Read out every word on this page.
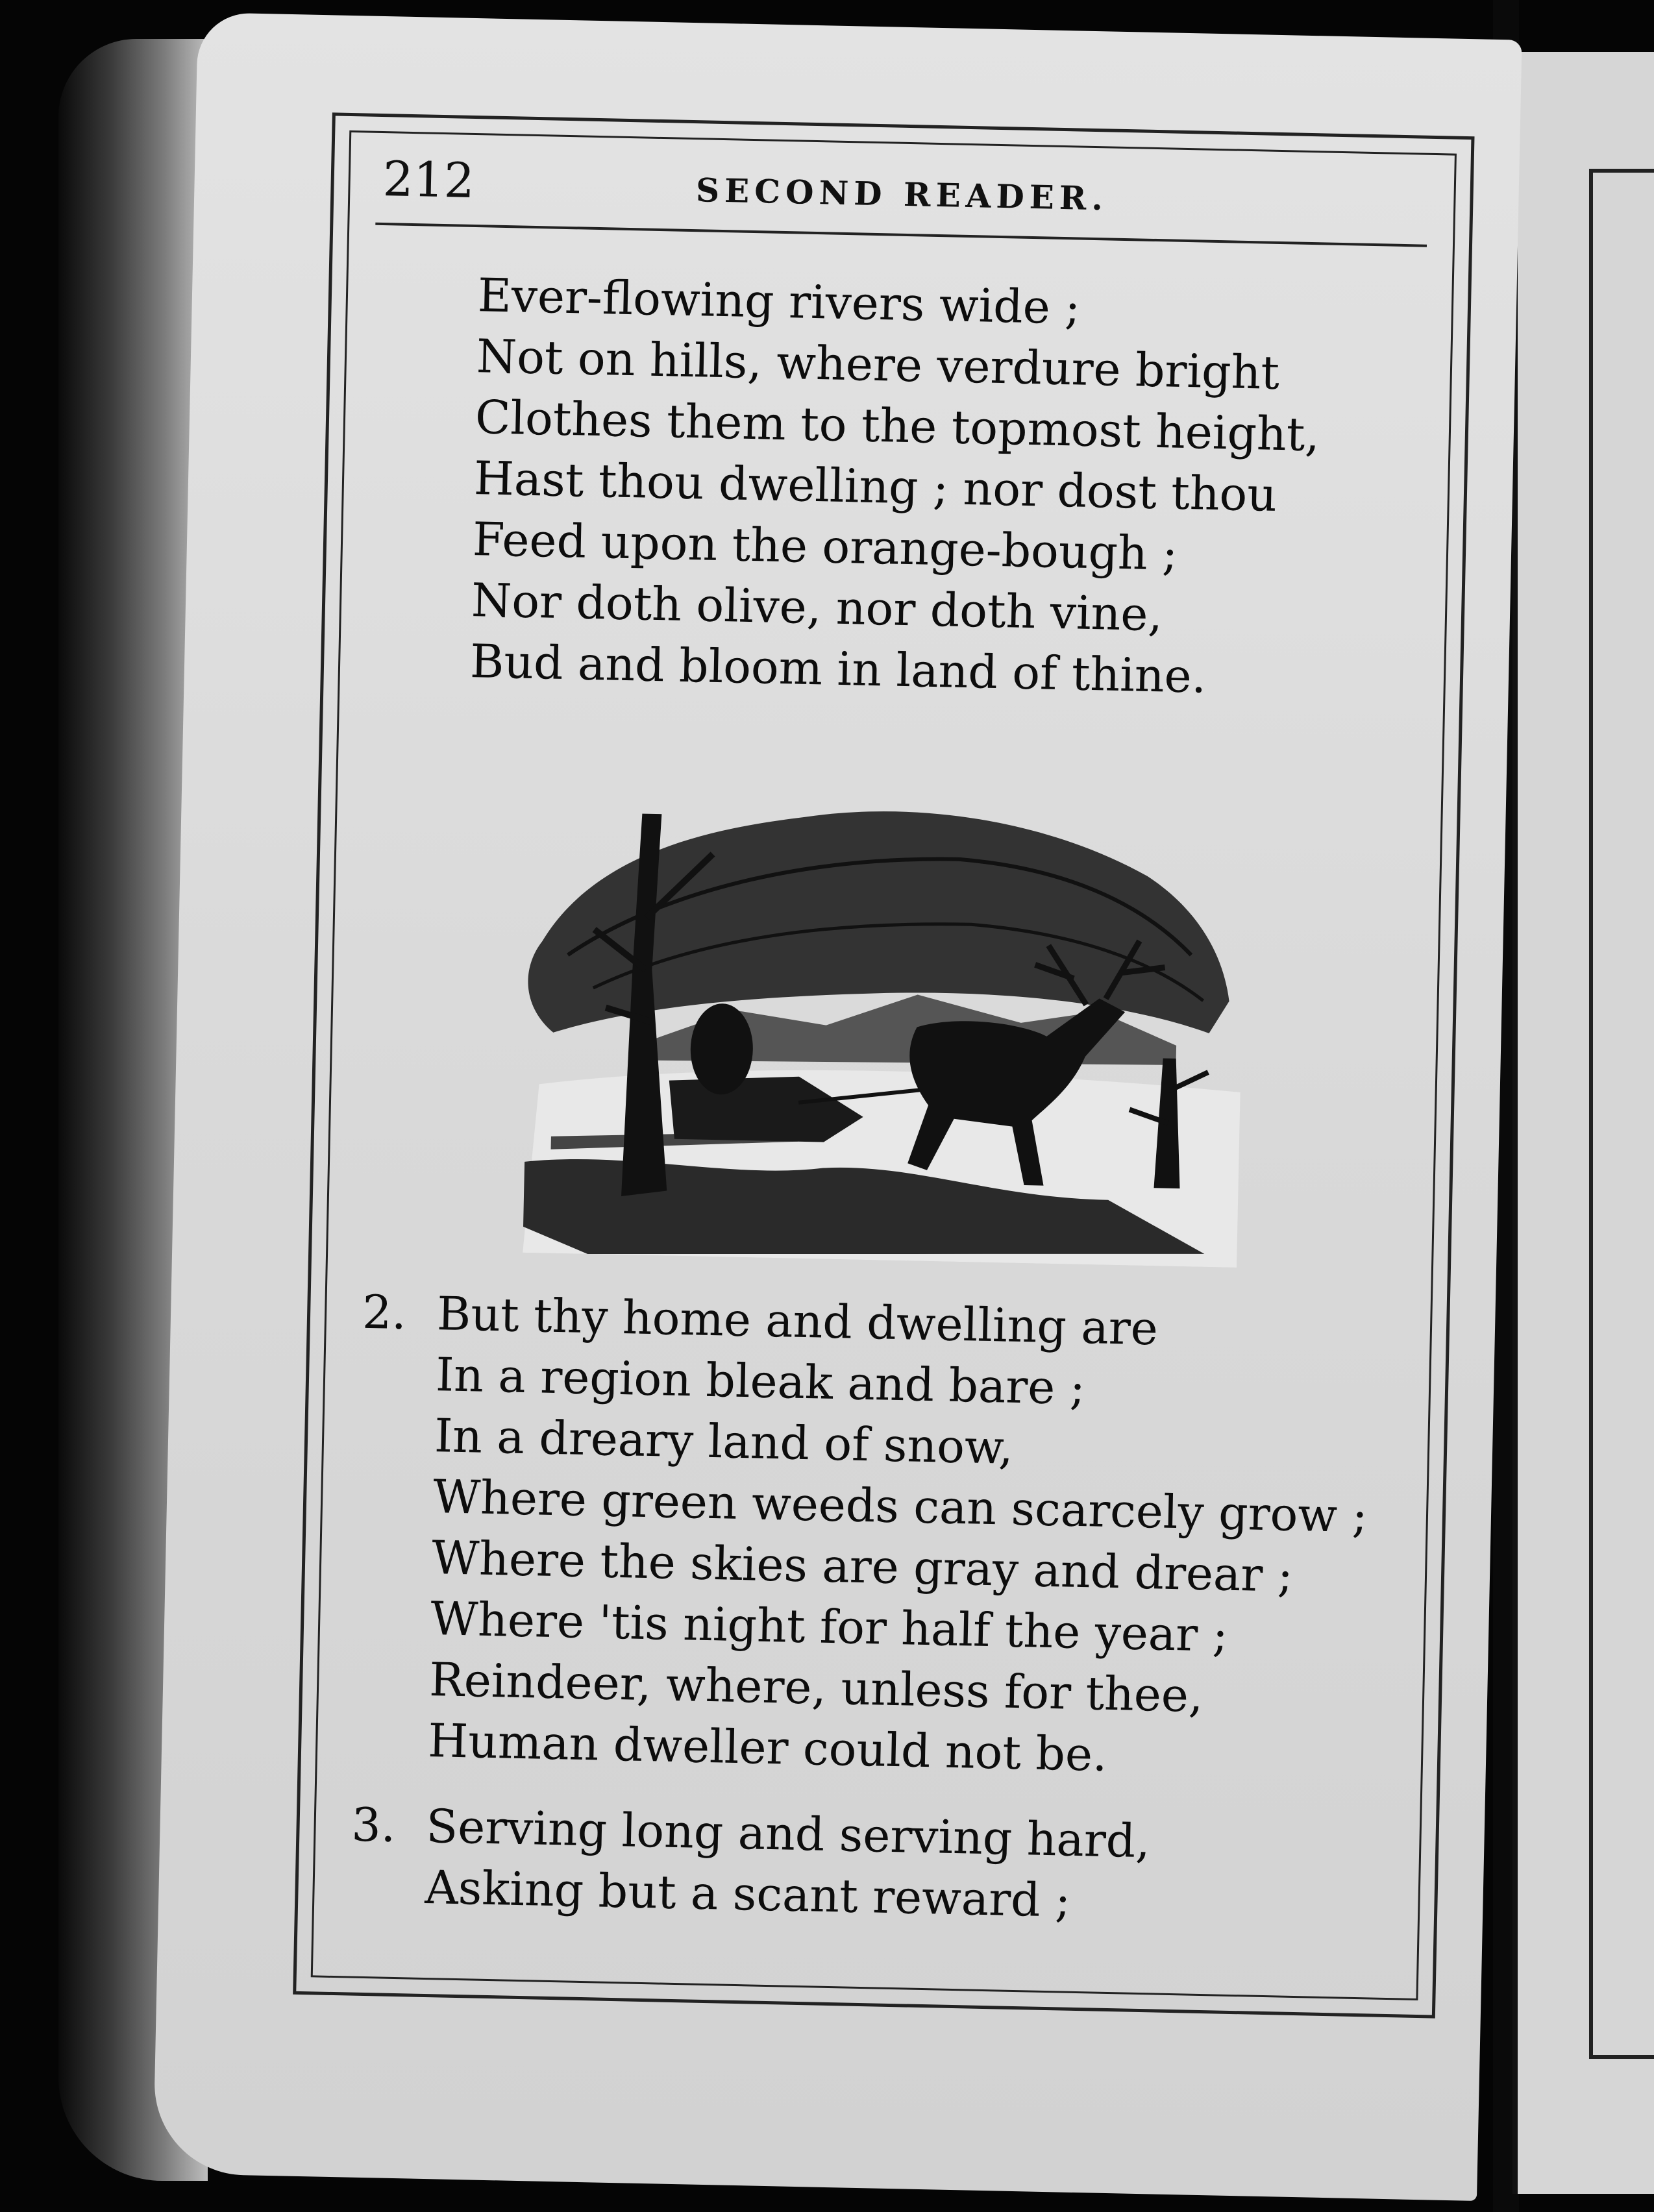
212	SECOND READER.
Ever-flowing rivers wide ;
Not on hills, where verdure bright
Clothes them to the topmost height,
Hast thou dwelling ; nor dost thou
Feed upon the orange-bough ;
Nor doth olive, nor doth vine,
Bud and bloom in land of thine.
2. But thy home and dwelling are
In a region bleak and bare ;
In a dreary land of snow,
Where green weeds can scarcely grow ;
Where the skies are gray and drear ;
Where 'tis night for half the year ;
Reindeer, where, unless for thee,
Human dweller could not be.
3. Serving long and serving hard,
Asking but a scant reward ;
